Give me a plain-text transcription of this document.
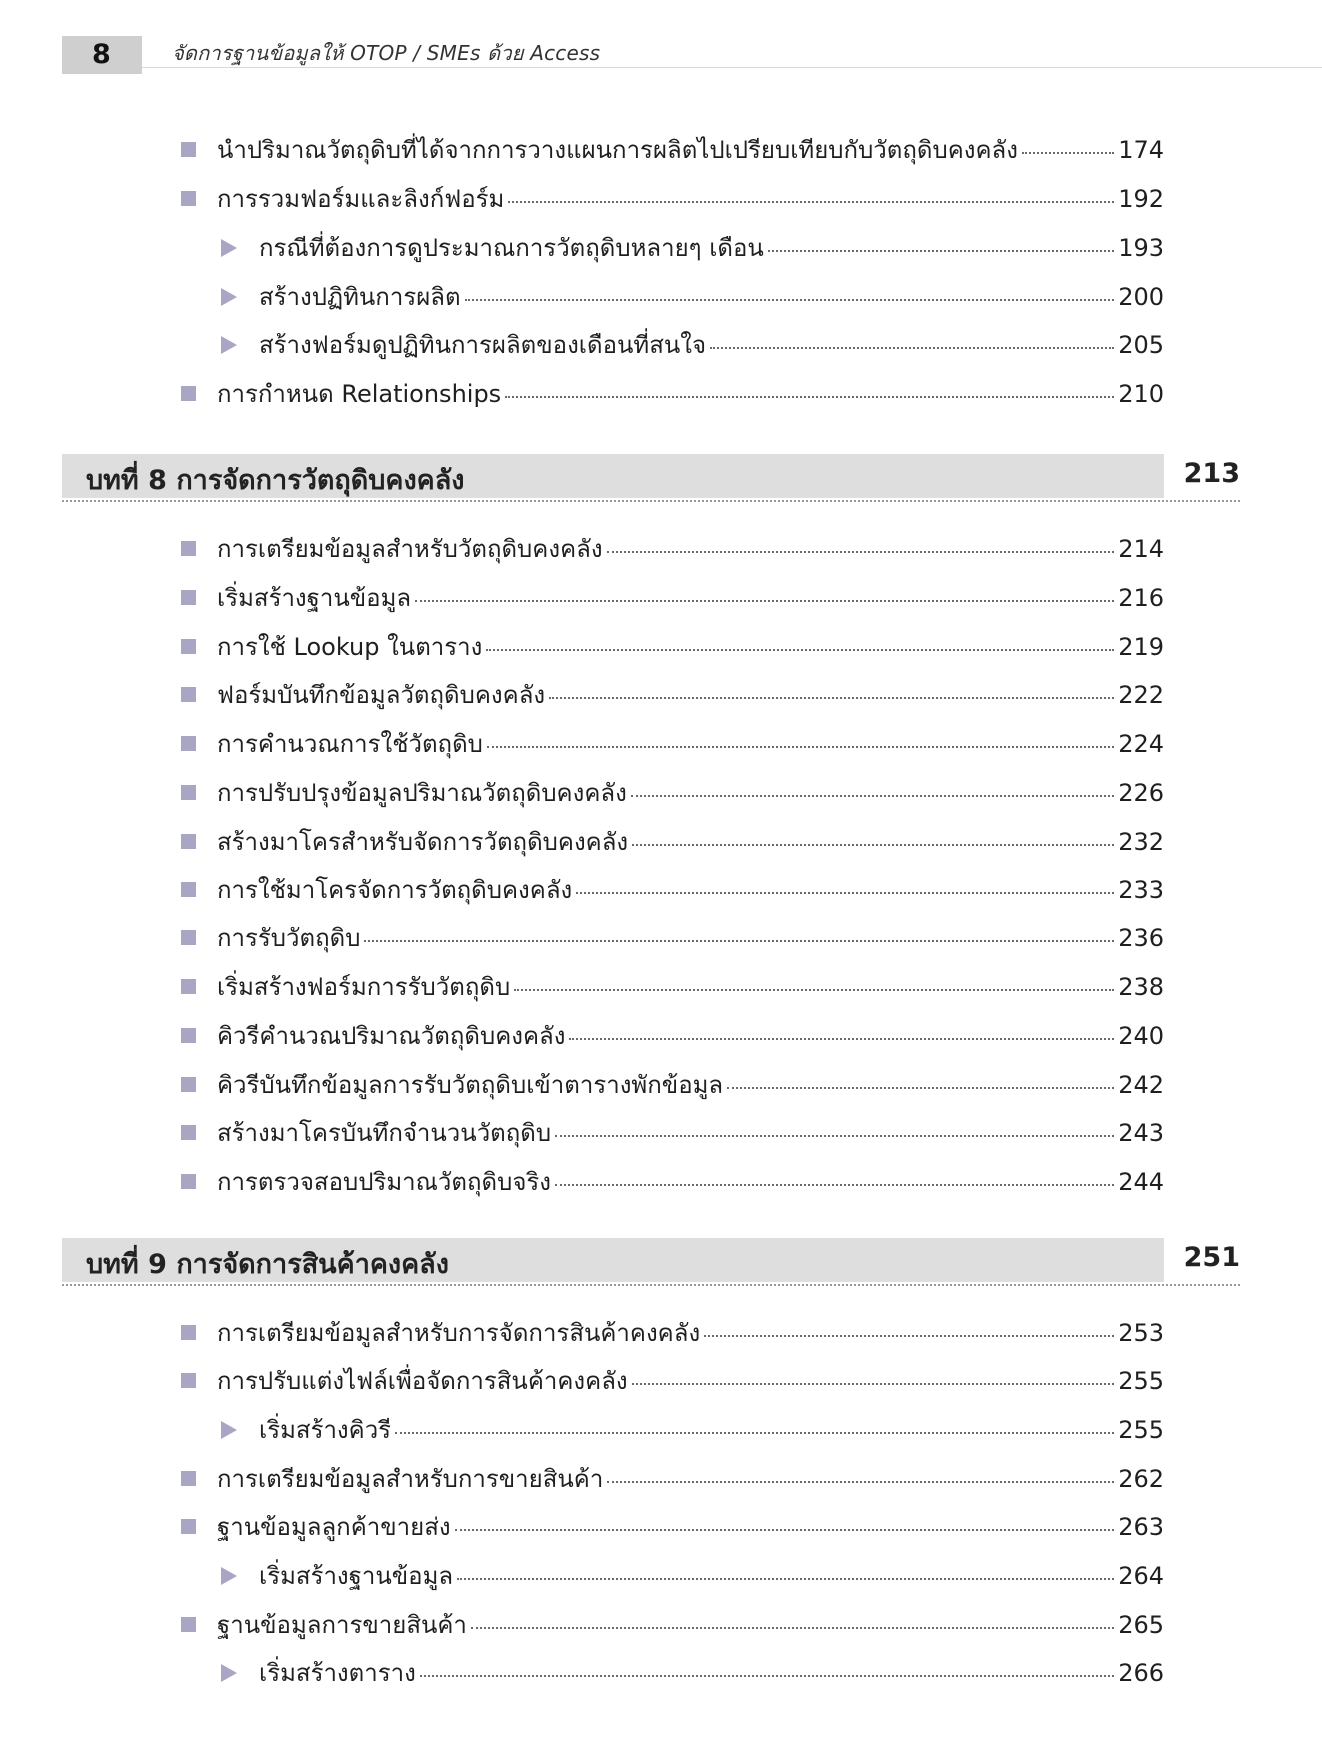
8	จัดการฐานข้อมูลให้ OTOP / SMEs ด้วย Access
นำปริมาณวัตถุดิบที่ได้จากการวางแผนการผลิตไปเปรียบเทียบกับวัตถุดิบคงคลัง	174
การรวมฟอร์มและลิงก์ฟอร์ม	192
กรณีที่ต้องการดูประมาณการวัตถุดิบหลายๆ เดือน	193
สร้างปฏิทินการผลิต	200
สร้างฟอร์มดูปฏิทินการผลิตของเดือนที่สนใจ	205
การกำหนด Relationships	210
บทที่ 8 การจัดการวัตถุดิบคงคลัง	213
การเตรียมข้อมูลสำหรับวัตถุดิบคงคลัง	214
เริ่มสร้างฐานข้อมูล	216
การใช้ Lookup ในตาราง	219
ฟอร์มบันทึกข้อมูลวัตถุดิบคงคลัง	222
การคำนวณการใช้วัตถุดิบ	224
การปรับปรุงข้อมูลปริมาณวัตถุดิบคงคลัง	226
สร้างมาโครสำหรับจัดการวัตถุดิบคงคลัง	232
การใช้มาโครจัดการวัตถุดิบคงคลัง	233
การรับวัตถุดิบ	236
เริ่มสร้างฟอร์มการรับวัตถุดิบ	238
คิวรีคำนวณปริมาณวัตถุดิบคงคลัง	240
คิวรีบันทึกข้อมูลการรับวัตถุดิบเข้าตารางพักข้อมูล	242
สร้างมาโครบันทึกจำนวนวัตถุดิบ	243
การตรวจสอบปริมาณวัตถุดิบจริง	244
บทที่ 9 การจัดการสินค้าคงคลัง	251
การเตรียมข้อมูลสำหรับการจัดการสินค้าคงคลัง	253
การปรับแต่งไฟล์เพื่อจัดการสินค้าคงคลัง	255
เริ่มสร้างคิวรี	255
การเตรียมข้อมูลสำหรับการขายสินค้า	262
ฐานข้อมูลลูกค้าขายส่ง	263
เริ่มสร้างฐานข้อมูล	264
ฐานข้อมูลการขายสินค้า	265
เริ่มสร้างตาราง	266
